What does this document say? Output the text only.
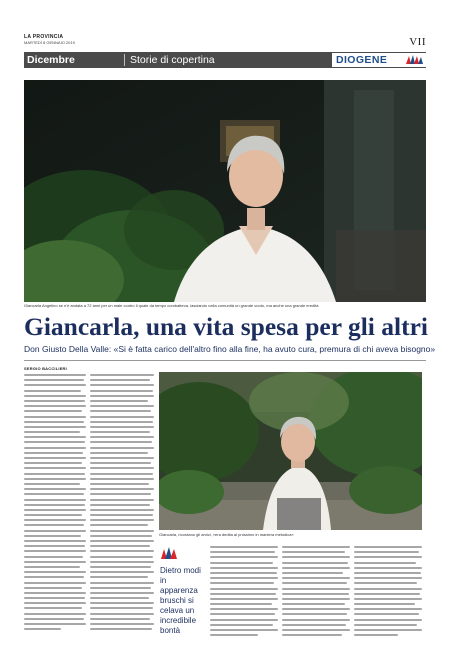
LA PROVINCIA
MARTEDÌ 8 GENNAIO 2019	VII
Dicembre	Storie di copertina	DIOGENE
Giancarla Angelino se n'è andata a 72 anni per un male contro il quale da tempo combatteva, lasciando nella comunità un grande vuoto, ma anche una grande eredità
Giancarla, una vita spesa per gli altri
Don Giusto Della Valle: «Si è fatta carico dell'altro fino alla fine, ha avuto cura, premura di chi aveva bisogno»
SERGIO BACCILIERI
Giancarla, ricordano gli amici, «era dedita al prossimo in maniera metodica»
Dietro modi in apparenza bruschi si celava un incredibile bontà
